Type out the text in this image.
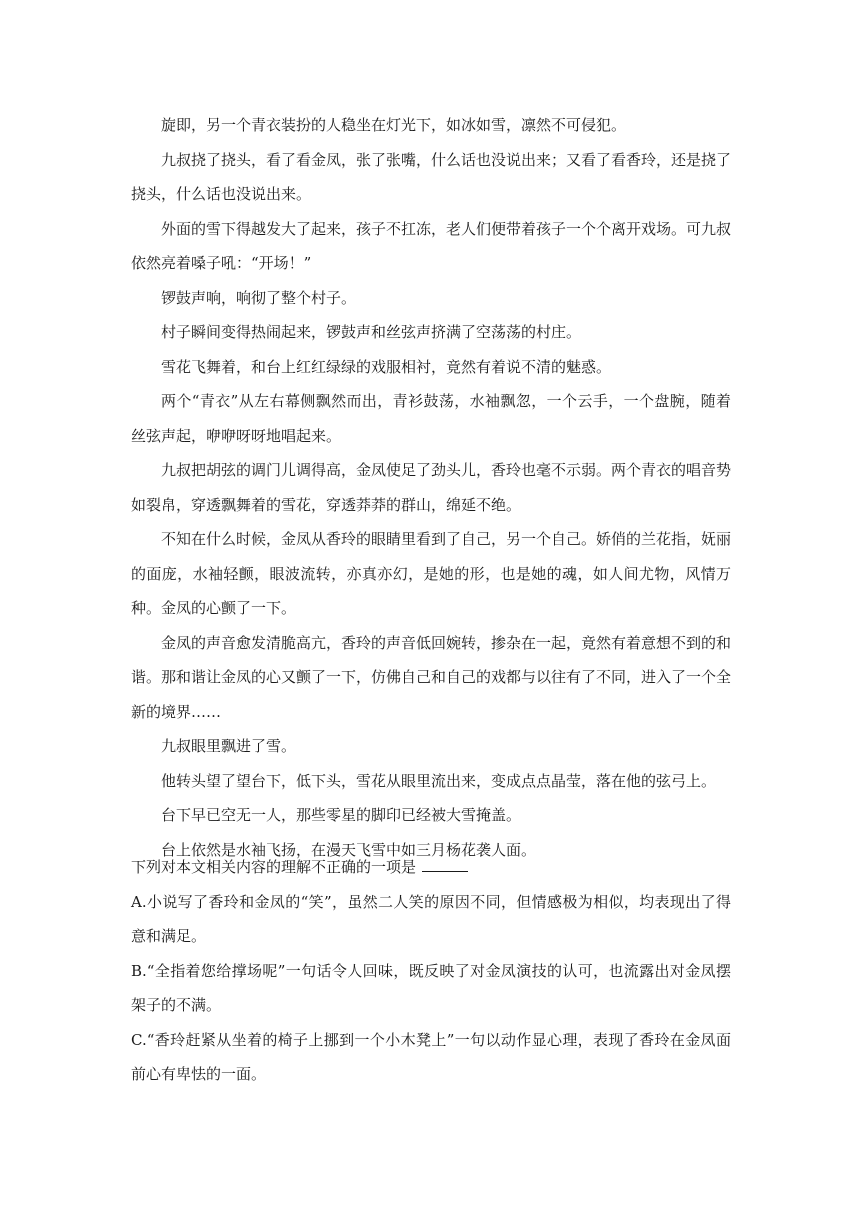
旋即，另一个青衣装扮的人稳坐在灯光下，如冰如雪，凛然不可侵犯。

九叔挠了挠头，看了看金凤，张了张嘴，什么话也没说出来；又看了看香玲，还是挠了挠头，什么话也没说出来。

外面的雪下得越发大了起来，孩子不扛冻，老人们便带着孩子一个个离开戏场。可九叔依然亮着嗓子吼：“开场！”

锣鼓声响，响彻了整个村子。

村子瞬间变得热闹起来，锣鼓声和丝弦声挤满了空荡荡的村庄。

雪花飞舞着，和台上红红绿绿的戏服相衬，竟然有着说不清的魅惑。

两个“青衣”从左右幕侧飘然而出，青衫鼓荡，水袖飘忽，一个云手，一个盘腕，随着丝弦声起，咿咿呀呀地唱起来。

九叔把胡弦的调门儿调得高，金凤使足了劲头儿，香玲也毫不示弱。两个青衣的唱音势如裂帛，穿透飘舞着的雪花，穿透莽莽的群山，绵延不绝。

不知在什么时候，金凤从香玲的眼睛里看到了自己，另一个自己。娇俏的兰花指，妩丽的面庞，水袖轻颤，眼波流转，亦真亦幻，是她的形，也是她的魂，如人间尤物，风情万种。金凤的心颤了一下。

金凤的声音愈发清脆高亢，香玲的声音低回婉转，掺杂在一起，竟然有着意想不到的和谐。那和谐让金凤的心又颤了一下，仿佛自己和自己的戏都与以往有了不同，进入了一个全新的境界……

九叔眼里飘进了雪。

他转头望了望台下，低下头，雪花从眼里流出来，变成点点晶莹，落在他的弦弓上。

台下早已空无一人，那些零星的脚印已经被大雪掩盖。

台上依然是水袖飞扬，在漫天飞雪中如三月杨花袭人面。

下列对本文相关内容的理解不正确的一项是

A.小说写了香玲和金凤的“笑”，虽然二人笑的原因不同，但情感极为相似，均表现出了得意和满足。

B.“全指着您给撑场呢”一句话令人回味，既反映了对金凤演技的认可，也流露出对金凤摆架子的不满。

C.“香玲赶紧从坐着的椅子上挪到一个小木凳上”一句以动作显心理，表现了香玲在金凤面前心有卑怯的一面。
